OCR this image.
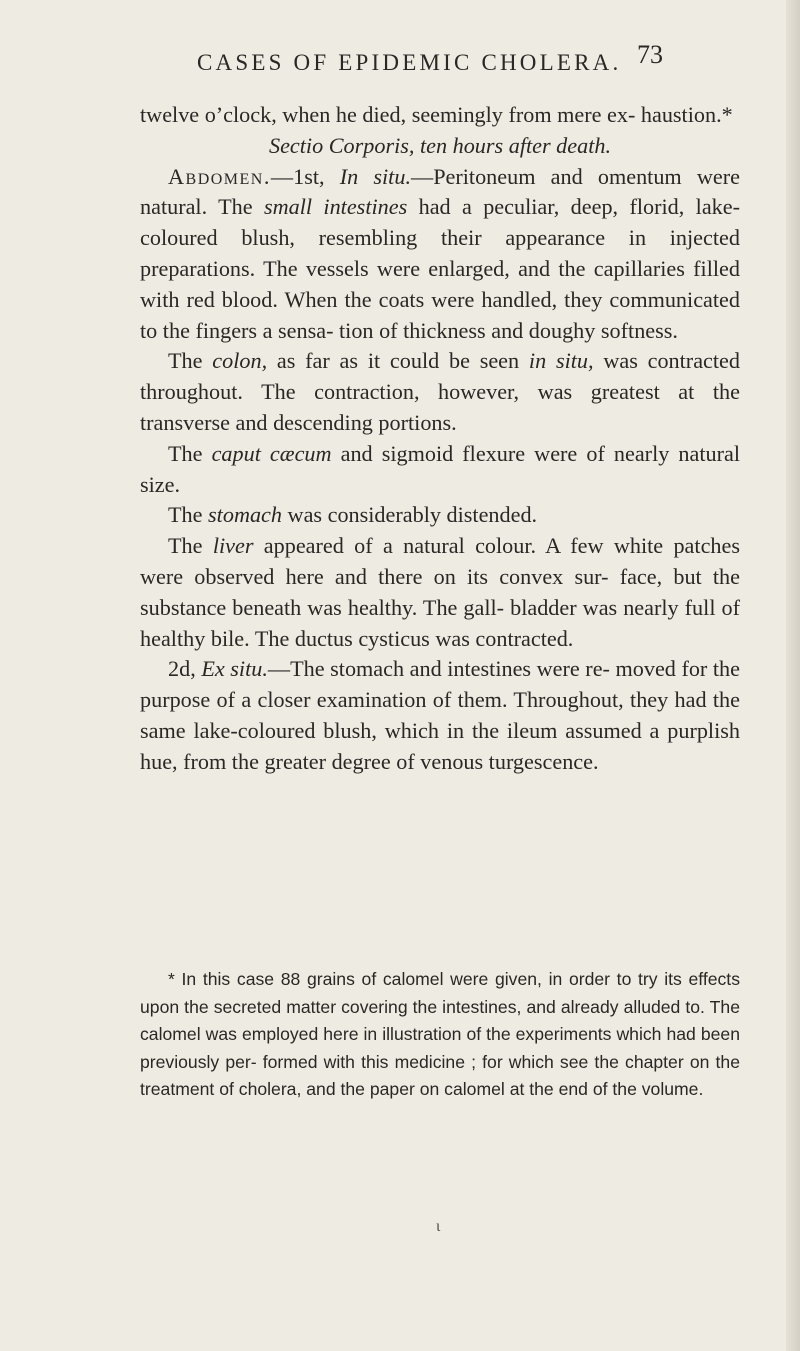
CASES OF EPIDEMIC CHOLERA. 73

twelve o’clock, when he died, seemingly from mere ex- haustion.*

Sectio Corporis, ten hours after death.

Abdomen.—1st, In situ.—Peritoneum and omentum were natural. The small intestines had a peculiar, deep, florid, lake-coloured blush, resembling their appearance in injected preparations. The vessels were enlarged, and the capillaries filled with red blood. When the coats were handled, they communicated to the fingers a sensa- tion of thickness and doughy softness.

The colon, as far as it could be seen in situ, was contracted throughout. The contraction, however, was greatest at the transverse and descending portions.

The caput cæcum and sigmoid flexure were of nearly natural size.

The stomach was considerably distended.

The liver appeared of a natural colour. A few white patches were observed here and there on its convex sur- face, but the substance beneath was healthy. The gall- bladder was nearly full of healthy bile. The ductus cysticus was contracted.

2d, Ex situ.—The stomach and intestines were re- moved for the purpose of a closer examination of them. Throughout, they had the same lake-coloured blush, which in the ileum assumed a purplish hue, from the greater degree of venous turgescence.

* In this case 88 grains of calomel were given, in order to try its effects upon the secreted matter covering the intestines, and already alluded to. The calomel was employed here in illustration of the experiments which had been previously per- formed with this medicine ; for which see the chapter on the treatment of cholera, and the paper on calomel at the end of the volume.

ɩ
